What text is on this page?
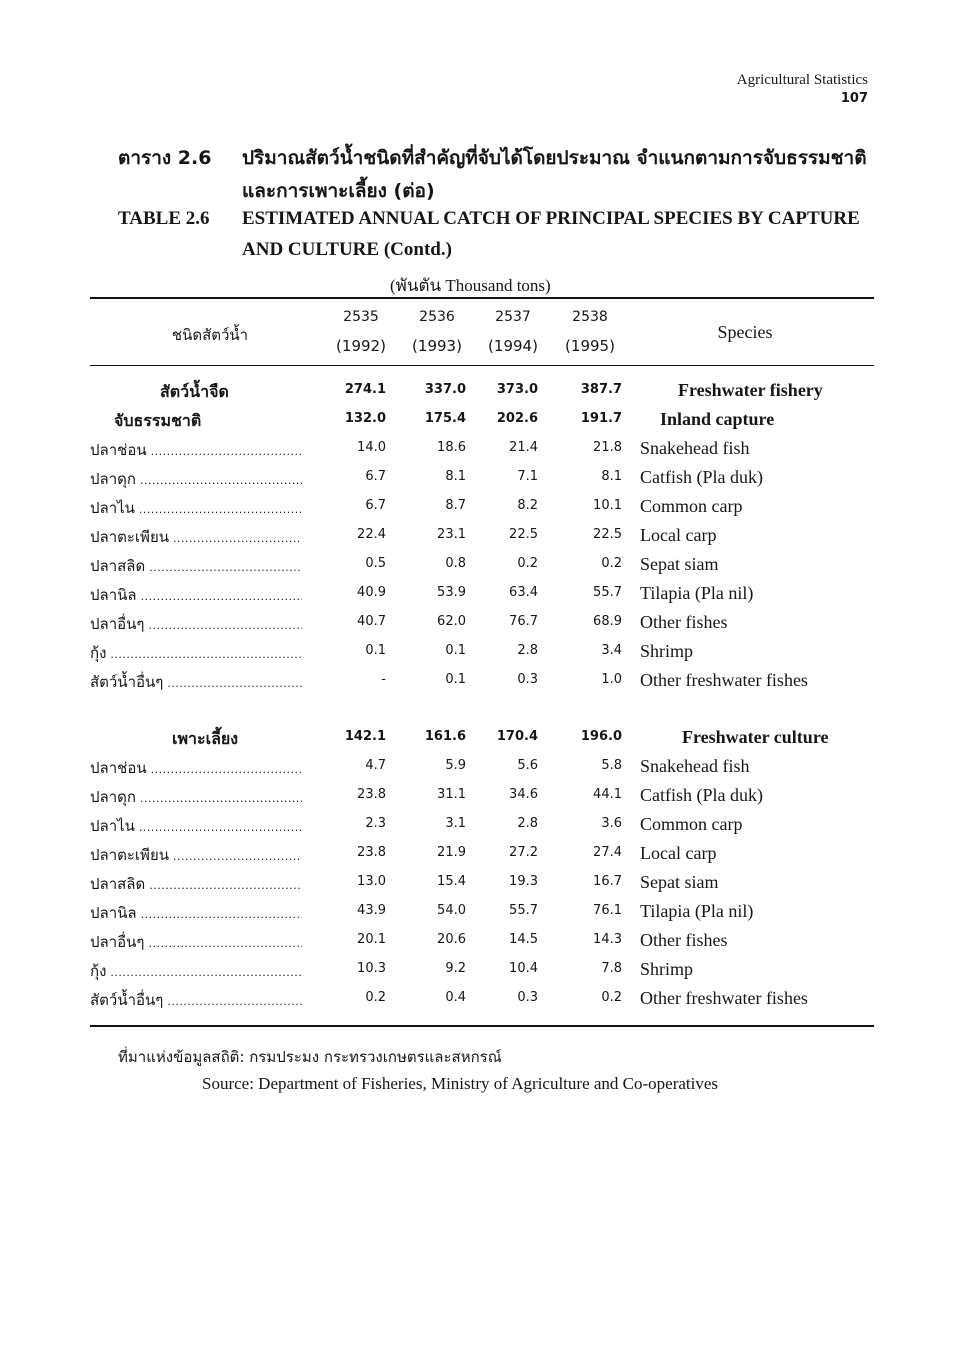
Agricultural Statistics
107
ตาราง 2.6 ปริมาณสัตว์น้ำชนิดที่สำคัญที่จับได้โดยประมาณ จำแนกตามการจับธรรมชาติ
และการเพาะเลี้ยง (ต่อ)
TABLE 2.6 ESTIMATED ANNUAL CATCH OF PRINCIPAL SPECIES BY CAPTURE
AND CULTURE (Contd.)
(พันตัน Thousand tons)
ชนิดสัตว์น้ำ	Species
2535	2536	2537	2538
(1992)	(1993)	(1994)	(1995)
สัตว์น้ำจืด	274.1	337.0	373.0	387.7	Freshwater fishery
จับธรรมชาติ	132.0	175.4	202.6	191.7 Inland capture
ปลาช่อน .....	14.0	18.6	21.4	21.8 Snakehead fish
ปลาดุก .....	6.7	8.1	7.1	8.1 Catfish (Pla duk)
ปลาไน .....	6.7	8.7	8.2	10.1 Common carp
ปลาตะเพียน .....	22.4	23.1	22.5	22.5 Local carp
ปลาสลิด .....	0.5	0.8	0.2	0.2 Sepat siam
ปลานิล .....	40.9	53.9	63.4	55.7 Tilapia (Pla nil)
ปลาอื่นๆ .....	40.7	62.0	76.7	68.9 Other fishes
กุ้ง .....	0.1	0.1	2.8	3.4 Shrimp
สัตว์น้ำอื่นๆ .....	-	0.1	0.3	1.0 Other freshwater fishes
เพาะเลี้ยง	142.1	161.6	170.4	196.0	Freshwater culture
ปลาช่อน .....	4.7	5.9	5.6	5.8 Snakehead fish
ปลาดุก .....	23.8	31.1	34.6	44.1 Catfish (Pla duk)
ปลาไน .....	2.3	3.1	2.8	3.6 Common carp
ปลาตะเพียน .....	23.8	21.9	27.2	27.4 Local carp
ปลาสลิด .....	13.0	15.4	19.3	16.7 Sepat siam
ปลานิล .....	43.9	54.0	55.7	76.1 Tilapia (Pla nil)
ปลาอื่นๆ .....	20.1	20.6	14.5	14.3 Other fishes
กุ้ง .....	10.3	9.2	10.4	7.8 Shrimp
สัตว์น้ำอื่นๆ .....	0.2	0.4	0.3	0.2 Other freshwater fishes
ที่มาแห่งข้อมูลสถิติ: กรมประมง กระทรวงเกษตรและสหกรณ์
Source: Department of Fisheries, Ministry of Agriculture and Co-operatives
